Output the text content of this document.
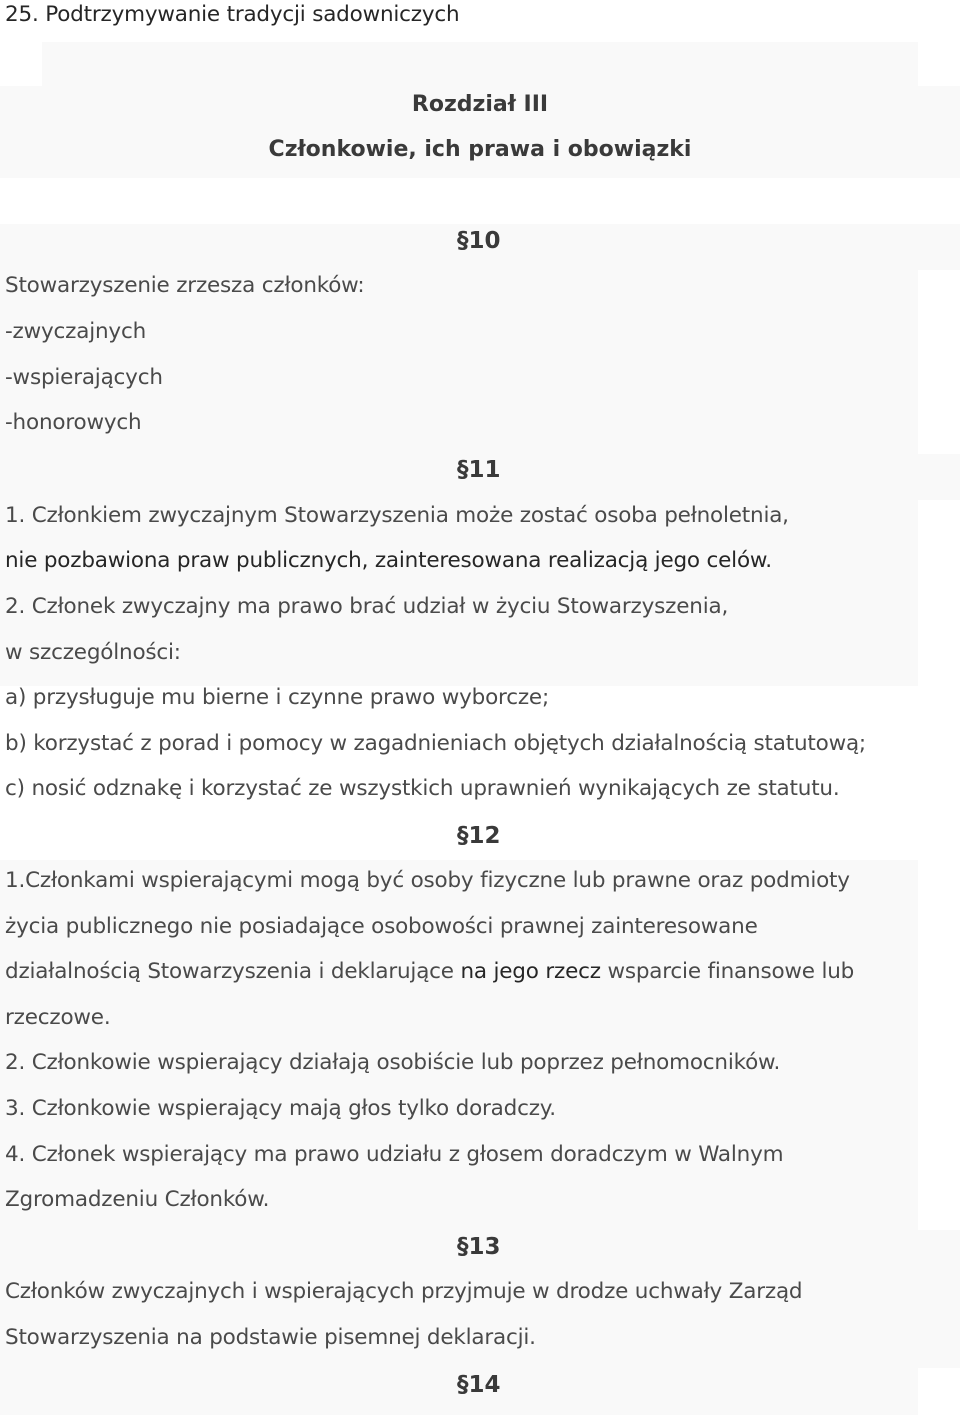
25. Podtrzymywanie tradycji sadowniczych
Rozdział III
Członkowie, ich prawa i obowiązki
§10
Stowarzyszenie zrzesza członków:
-zwyczajnych
-wspierających
-honorowych
§11
1. Członkiem zwyczajnym Stowarzyszenia może zostać osoba pełnoletnia,
nie pozbawiona praw publicznych, zainteresowana realizacją jego celów.
2. Członek zwyczajny ma prawo brać udział w życiu Stowarzyszenia,
w szczególności:
a) przysługuje mu bierne i czynne prawo wyborcze;
b) korzystać z porad i pomocy w zagadnieniach objętych działalnością statutową;
c) nosić odznakę i korzystać ze wszystkich uprawnień wynikających ze statutu.
§12
1.Członkami wspierającymi mogą być osoby fizyczne lub prawne oraz podmioty
życia publicznego nie posiadające osobowości prawnej zainteresowane
działalnością Stowarzyszenia i deklarujące na jego rzecz wsparcie finansowe lub
rzeczowe.
2. Członkowie wspierający działają osobiście lub poprzez pełnomocników.
3. Członkowie wspierający mają głos tylko doradczy.
4. Członek wspierający ma prawo udziału z głosem doradczym w Walnym
Zgromadzeniu Członków.
§13
Członków zwyczajnych i wspierających przyjmuje w drodze uchwały Zarząd
Stowarzyszenia na podstawie pisemnej deklaracji.
§14
